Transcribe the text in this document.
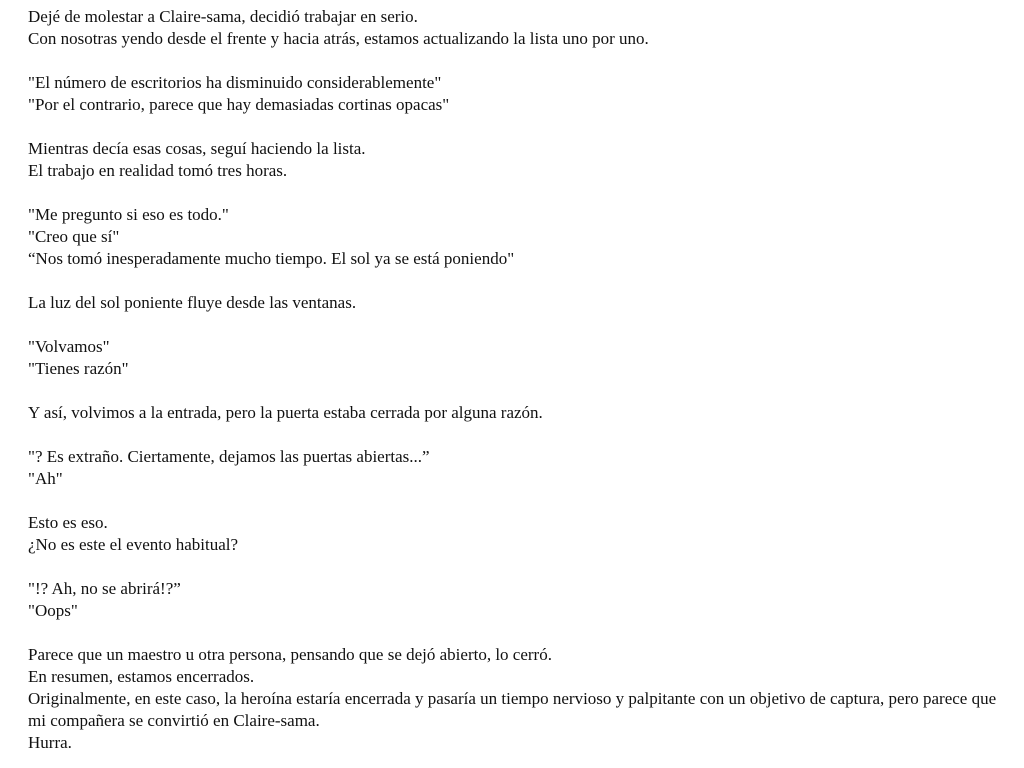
Dejé de molestar a Claire-sama, decidió trabajar en serio.
Con nosotras yendo desde el frente y hacia atrás, estamos actualizando la lista uno por uno.

"El número de escritorios ha disminuido considerablemente"
"Por el contrario, parece que hay demasiadas cortinas opacas"

Mientras decía esas cosas, seguí haciendo la lista.
El trabajo en realidad tomó tres horas.

"Me pregunto si eso es todo."
"Creo que sí"
“Nos tomó inesperadamente mucho tiempo. El sol ya se está poniendo"

La luz del sol poniente fluye desde las ventanas.

"Volvamos"
"Tienes razón"

Y así, volvimos a la entrada, pero la puerta estaba cerrada por alguna razón.

"? Es extraño. Ciertamente, dejamos las puertas abiertas...”
"Ah"

Esto es eso.
¿No es este el evento habitual?

"!? Ah, no se abrirá!?”
"Oops"

Parece que un maestro u otra persona, pensando que se dejó abierto, lo cerró.
En resumen, estamos encerrados.
Originalmente, en este caso, la heroína estaría encerrada y pasaría un tiempo nervioso y palpitante con un objetivo de captura, pero parece que mi compañera se convirtió en Claire-sama.
Hurra.
